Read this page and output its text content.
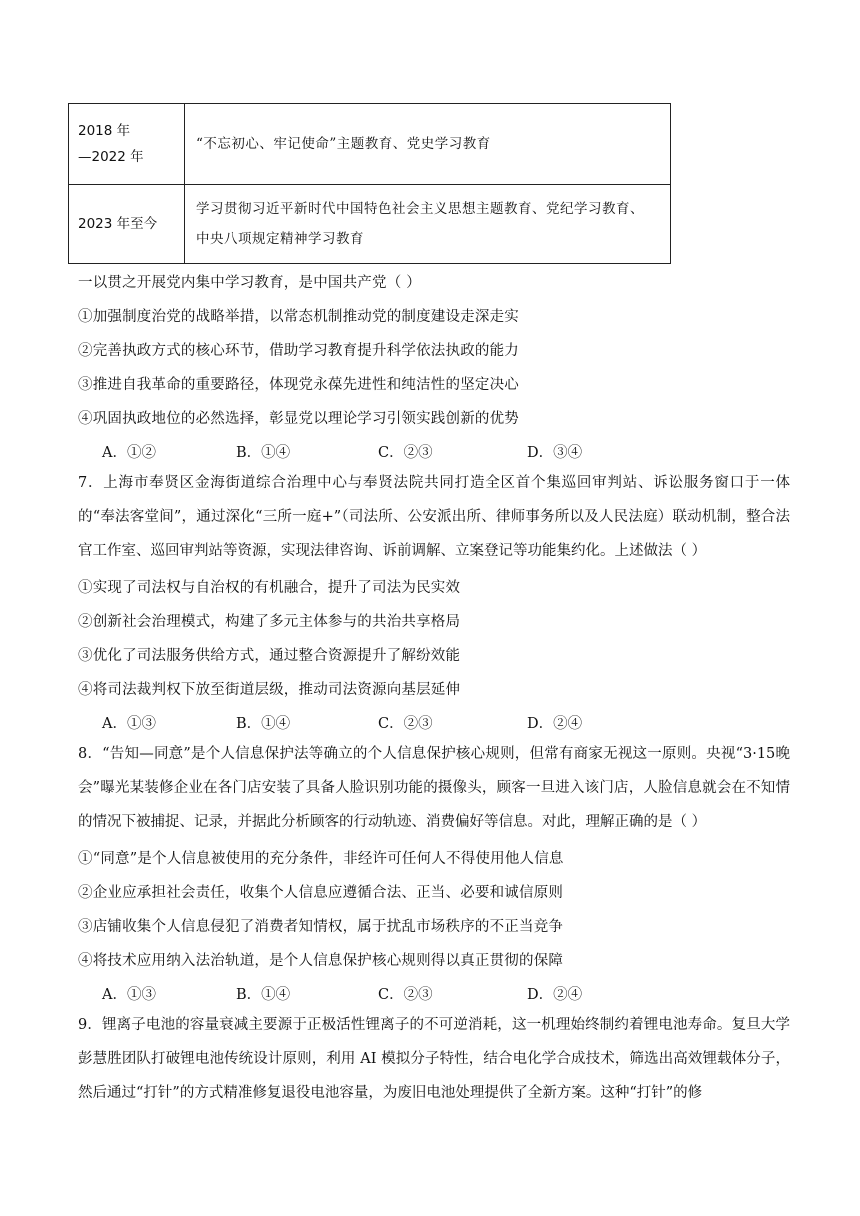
2018 年
—2022 年	“不忘初心、牢记使命”主题教育、党史学习教育

2023 年至今	学习贯彻习近平新时代中国特色社会主义思想主题教育、党纪学习教育、
中央八项规定精神学习教育
一以贯之开展党内集中学习教育，是中国共产党（ ）
①加强制度治党的战略举措，以常态机制推动党的制度建设走深走实
②完善执政方式的核心环节，借助学习教育提升科学依法执政的能力
③推进自我革命的重要路径，体现党永葆先进性和纯洁性的坚定决心
④巩固执政地位的必然选择，彰显党以理论学习引领实践创新的优势
A．①②	B．①④	C．②③	D．③④
7．上海市奉贤区金海街道综合治理中心与奉贤法院共同打造全区首个集巡回审判站、诉讼服务窗口于一体的“奉法客堂间”，通过深化“三所一庭+”（司法所、公安派出所、律师事务所以及人民法庭）联动机制，整合法官工作室、巡回审判站等资源，实现法律咨询、诉前调解、立案登记等功能集约化。上述做法（ ）
①实现了司法权与自治权的有机融合，提升了司法为民实效
②创新社会治理模式，构建了多元主体参与的共治共享格局
③优化了司法服务供给方式，通过整合资源提升了解纷效能
④将司法裁判权下放至街道层级，推动司法资源向基层延伸
A．①③	B．①④	C．②③	D．②④
8．“告知—同意”是个人信息保护法等确立的个人信息保护核心规则，但常有商家无视这一原则。央视“3·15晚会”曝光某装修企业在各门店安装了具备人脸识别功能的摄像头，顾客一旦进入该门店，人脸信息就会在不知情的情况下被捕捉、记录，并据此分析顾客的行动轨迹、消费偏好等信息。对此，理解正确的是（ ）
①“同意”是个人信息被使用的充分条件，非经许可任何人不得使用他人信息
②企业应承担社会责任，收集个人信息应遵循合法、正当、必要和诚信原则
③店铺收集个人信息侵犯了消费者知情权，属于扰乱市场秩序的不正当竞争
④将技术应用纳入法治轨道，是个人信息保护核心规则得以真正贯彻的保障
A．①③	B．①④	C．②③	D．②④
9．锂离子电池的容量衰减主要源于正极活性锂离子的不可逆消耗，这一机理始终制约着锂电池寿命。复旦大学彭慧胜团队打破锂电池传统设计原则，利用 AI 模拟分子特性，结合电化学合成技术，筛选出高效锂载体分子，然后通过“打针”的方式精准修复退役电池容量，为废旧电池处理提供了全新方案。这种“打针”的修
